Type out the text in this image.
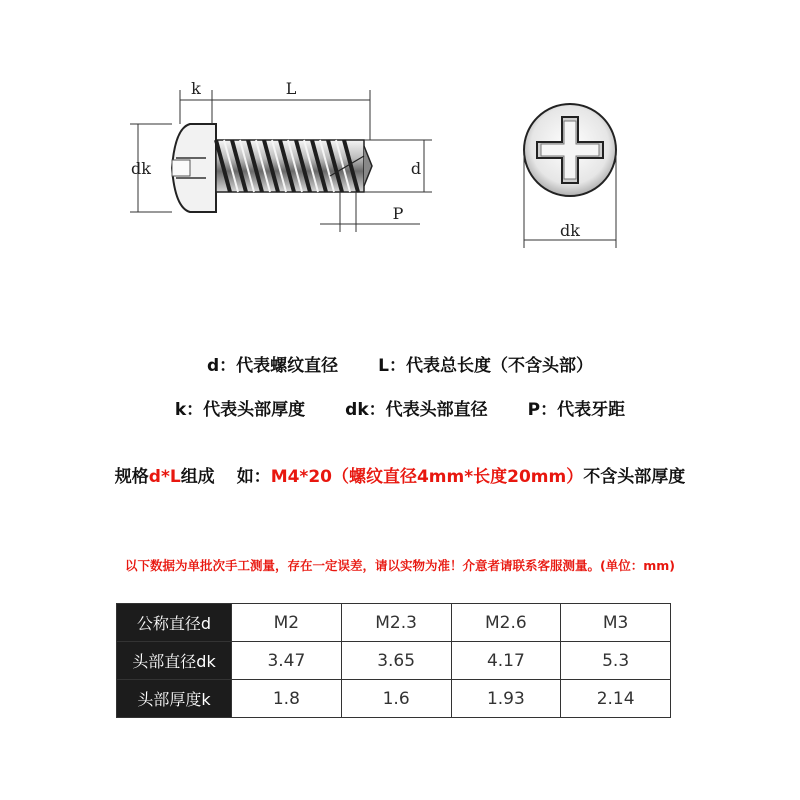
k	L
dk	d
P
dk
d：代表螺纹直径 L：代表总长度（不含头部）
k：代表头部厚度 dk：代表头部直径 P：代表牙距
规格d*L组成 如：M4*20（螺纹直径4mm*长度20mm）不含头部厚度
以下数据为单批次手工测量，存在一定误差，请以实物为准！介意者请联系客服测量。(单位：mm)
公称直径d	M2	M2.3	M2.6	M3
头部直径dk	3.47	3.65	4.17	5.3
头部厚度k	1.8	1.6	1.93	2.14
